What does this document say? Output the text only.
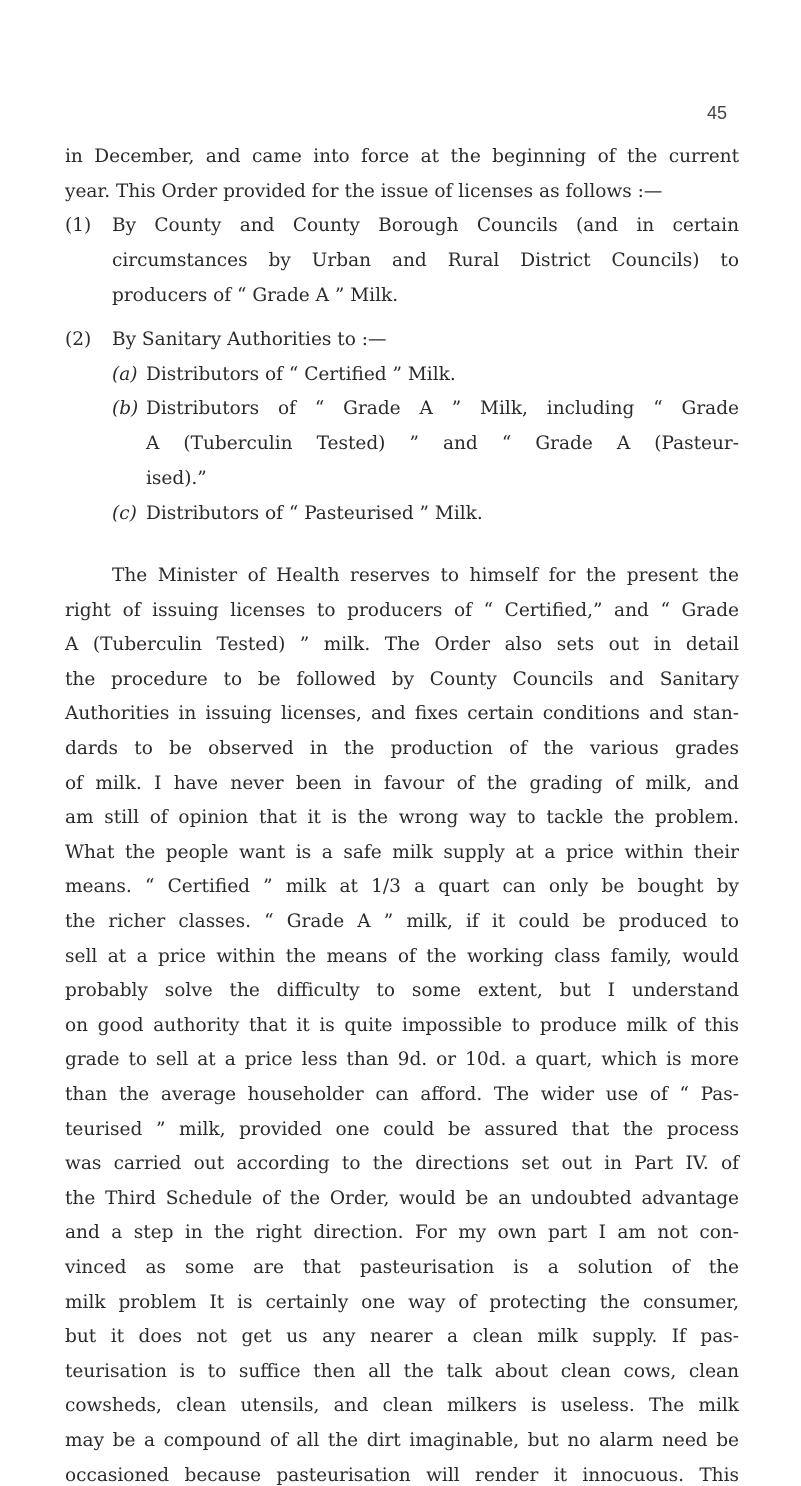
45
in December, and came into force at the beginning of the current
year. This Order provided for the issue of licenses as follows :—
(1) By County and County Borough Councils (and in certain
circumstances by Urban and Rural District Councils) to
producers of “ Grade A ” Milk.
(2) By Sanitary Authorities to :—
(a) Distributors of “ Certified ” Milk.
(b) Distributors of “ Grade A ” Milk, including “ Grade
A (Tuberculin Tested) ” and “ Grade A (Pasteur-
ised).”
(c) Distributors of “ Pasteurised ” Milk.
The Minister of Health reserves to himself for the present the
right of issuing licenses to producers of “ Certified,” and “ Grade
A (Tuberculin Tested) ” milk. The Order also sets out in detail
the procedure to be followed by County Councils and Sanitary
Authorities in issuing licenses, and fixes certain conditions and stan-
dards to be observed in the production of the various grades
of milk. I have never been in favour of the grading of milk, and
am still of opinion that it is the wrong way to tackle the problem.
What the people want is a safe milk supply at a price within their
means. “ Certified ” milk at 1/3 a quart can only be bought by
the richer classes. “ Grade A ” milk, if it could be produced to
sell at a price within the means of the working class family, would
probably solve the difficulty to some extent, but I understand
on good authority that it is quite impossible to produce milk of this
grade to sell at a price less than 9d. or 10d. a quart, which is more
than the average householder can afford. The wider use of “ Pas-
teurised ” milk, provided one could be assured that the process
was carried out according to the directions set out in Part IV. of
the Third Schedule of the Order, would be an undoubted advantage
and a step in the right direction. For my own part I am not con-
vinced as some are that pasteurisation is a solution of the
milk problem It is certainly one way of protecting the consumer,
but it does not get us any nearer a clean milk supply. If pas-
teurisation is to suffice then all the talk about clean cows, clean
cowsheds, clean utensils, and clean milkers is useless. The milk
may be a compound of all the dirt imaginable, but no alarm need be
occasioned because pasteurisation will render it innocuous. This
